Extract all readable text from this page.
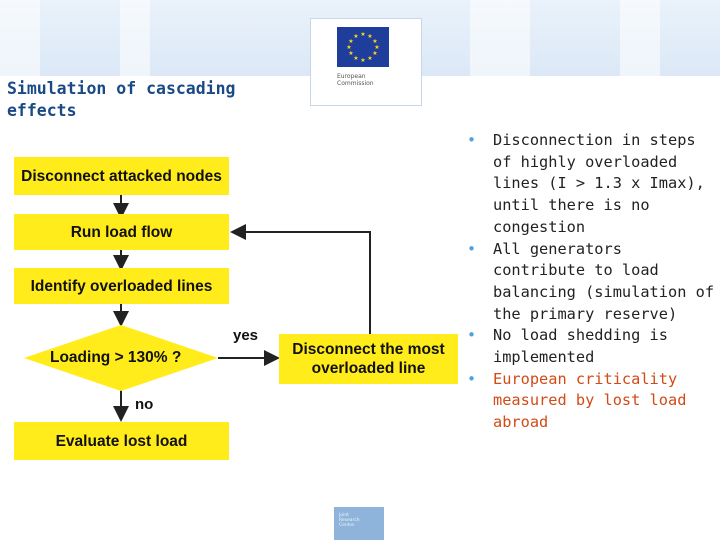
★ ★
★
★
★
★
★
★
★
★
★
★
European
Commission
Simulation of cascading
effects
Disconnect attacked nodes
Run load flow
Identify overloaded lines
Loading > 130% ?	Disconnect the most overloaded line
Evaluate lost load
yes
no
• Disconnection in steps of highly overloaded lines (I > 1.3 x Imax), until there is no congestion
• All generators contribute to load balancing (simulation of the primary reserve)
• No load shedding is implemented
• European criticality measured by lost load abroad
Joint
Research
Centre
